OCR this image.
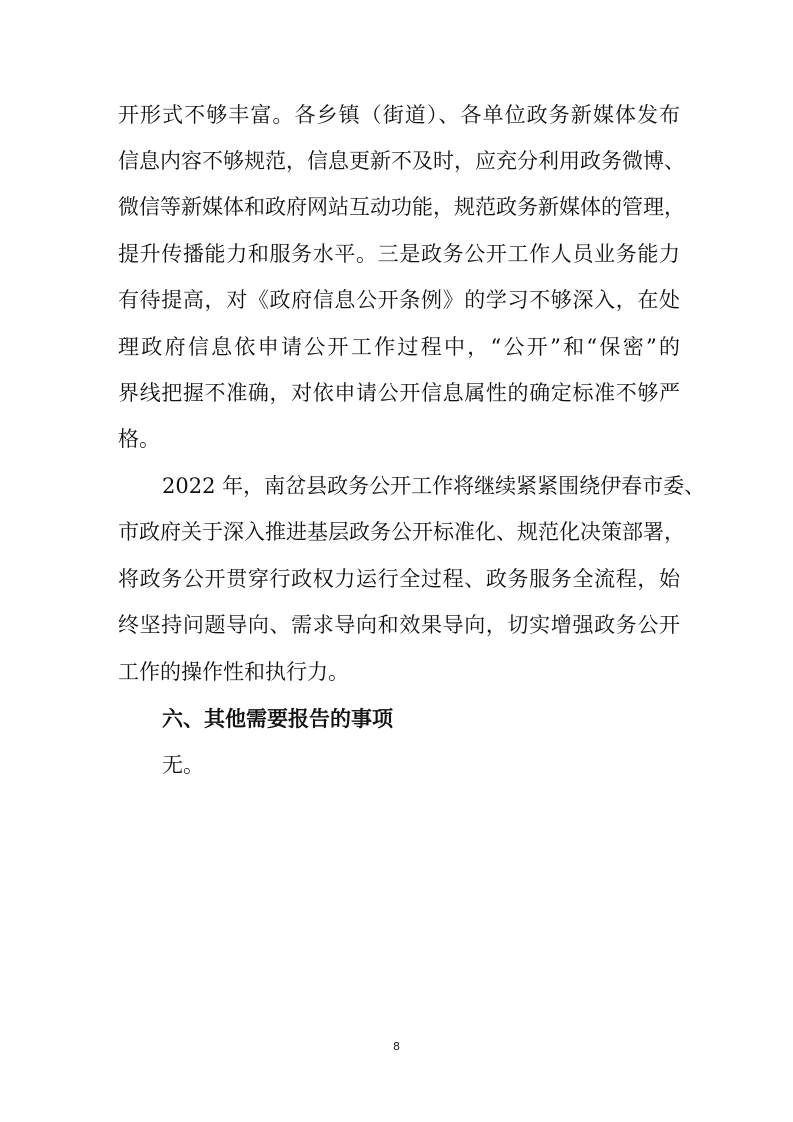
开形式不够丰富。各乡镇（街道）、各单位政务新媒体发布
信息内容不够规范，信息更新不及时，应充分利用政务微博、
微信等新媒体和政府网站互动功能，规范政务新媒体的管理，
提升传播能力和服务水平。三是政务公开工作人员业务能力
有待提高，对《政府信息公开条例》的学习不够深入，在处
理政府信息依申请公开工作过程中，“公开”和“保密”的
界线把握不准确，对依申请公开信息属性的确定标准不够严
格。
2022 年，南岔县政务公开工作将继续紧紧围绕伊春市委、
市政府关于深入推进基层政务公开标准化、规范化决策部署，
将政务公开贯穿行政权力运行全过程、政务服务全流程，始
终坚持问题导向、需求导向和效果导向，切实增强政务公开
工作的操作性和执行力。
六、其他需要报告的事项
无。
8
